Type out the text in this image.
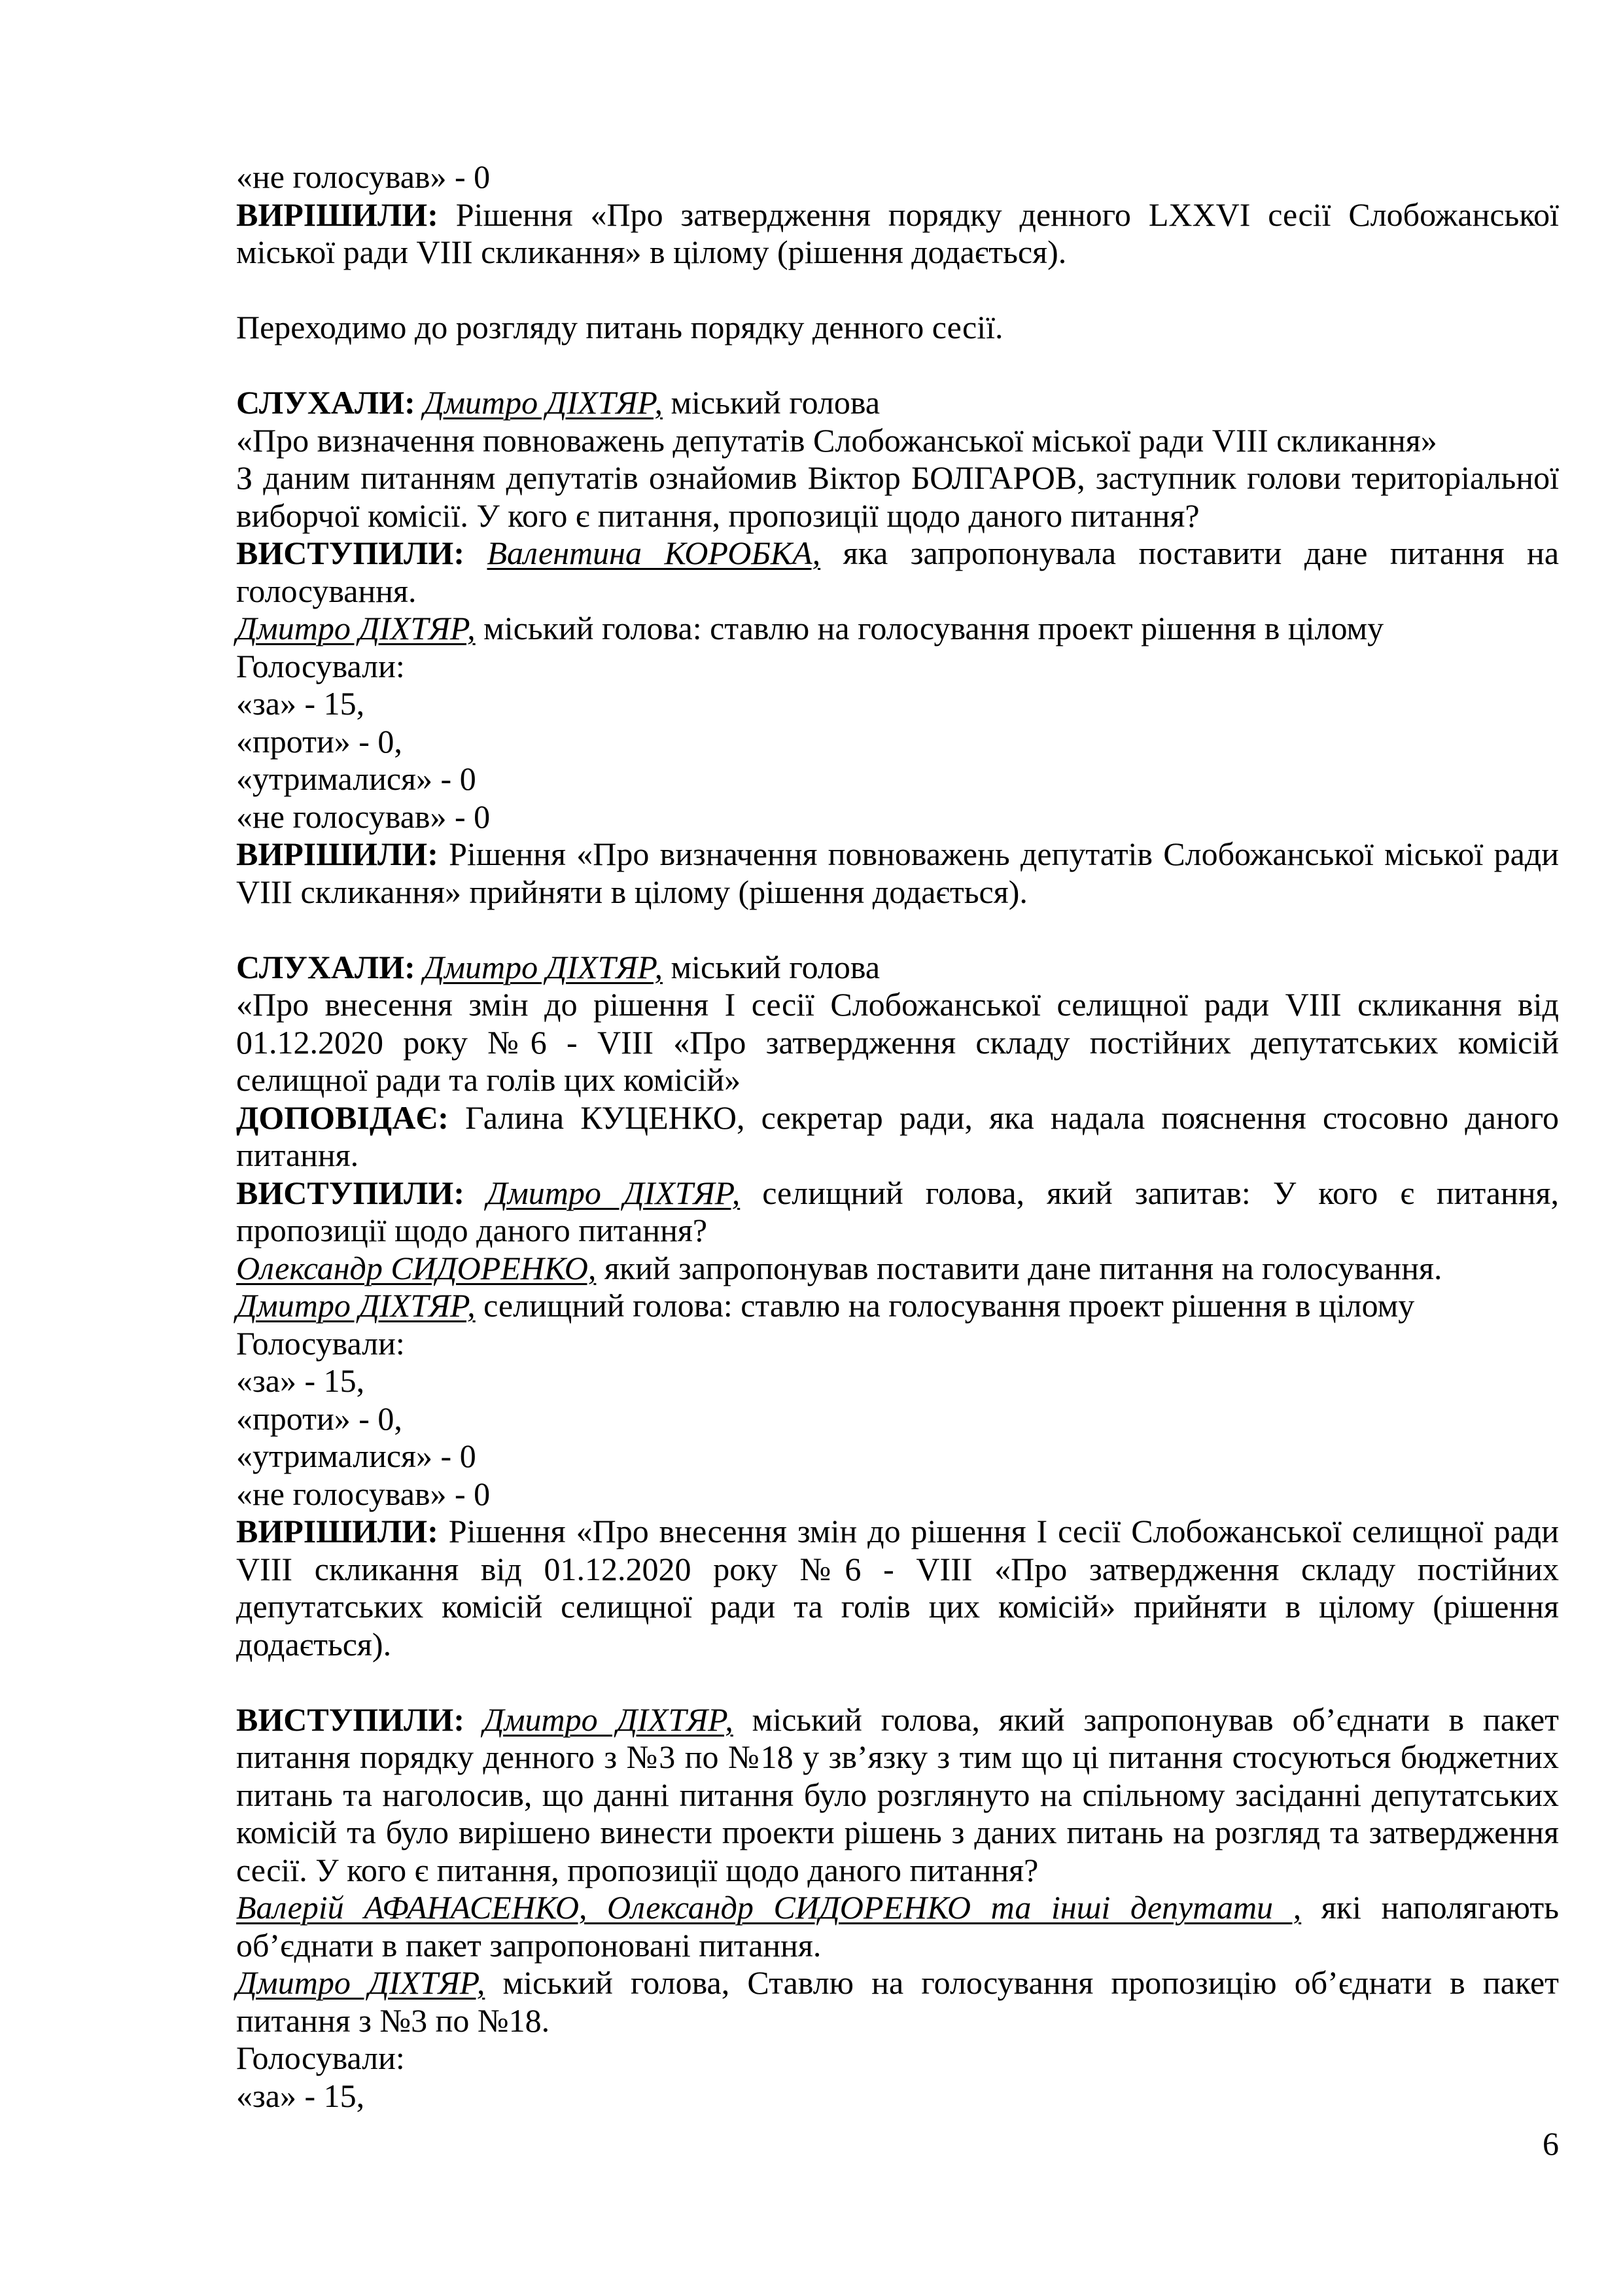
«не голосував» - 0
ВИРІШИЛИ: Рішення «Про затвердження порядку денного LXXVI сесії Слобожанської
міської ради VIII скликання» в цілому (рішення додається).
Переходимо до розгляду питань порядку денного сесії.
СЛУХАЛИ: Дмитро ДІХТЯР, міський голова
«Про визначення повноважень депутатів Слобожанської міської ради VIII скликання»
З даним питанням депутатів ознайомив Віктор БОЛГАРОВ, заступник голови територіальної
виборчої комісії. У кого є питання, пропозиції щодо даного питання?
ВИСТУПИЛИ: Валентина КОРОБКА, яка запропонувала поставити дане питання на
голосування.
Дмитро ДІХТЯР, міський голова: ставлю на голосування проект рішення в цілому
Голосували:
«за» - 15,
«проти» - 0,
«утрималися» - 0
«не голосував» - 0
ВИРІШИЛИ: Рішення «Про визначення повноважень депутатів Слобожанської міської ради
VIII скликання» прийняти в цілому (рішення додається).
СЛУХАЛИ: Дмитро ДІХТЯР, міський голова
«Про внесення змін до рішення І сесії Слобожанської селищної ради VIII скликання від
01.12.2020 року №6 - VIII «Про затвердження складу постійних депутатських комісій
селищної ради та голів цих комісій»
ДОПОВІДАЄ: Галина КУЦЕНКО, секретар ради, яка надала пояснення стосовно даного
питання.
ВИСТУПИЛИ: Дмитро ДІХТЯР, селищний голова, який запитав: У кого є питання,
пропозиції щодо даного питання?
Олександр СИДОРЕНКО, який запропонував поставити дане питання на голосування.
Дмитро ДІХТЯР, селищний голова: ставлю на голосування проект рішення в цілому
Голосували:
«за» - 15,
«проти» - 0,
«утрималися» - 0
«не голосував» - 0
ВИРІШИЛИ: Рішення «Про внесення змін до рішення І сесії Слобожанської селищної ради
VIII скликання від 01.12.2020 року №6 - VIII «Про затвердження складу постійних
депутатських комісій селищної ради та голів цих комісій» прийняти в цілому (рішення
додається).
ВИСТУПИЛИ: Дмитро ДІХТЯР, міський голова, який запропонував об’єднати в пакет
питання порядку денного з №3 по №18 у зв’язку з тим що ці питання стосуються бюджетних
питань та наголосив, що данні питання було розглянуто на спільному засіданні депутатських
комісій та було вирішено винести проекти рішень з даних питань на розгляд та затвердження
сесії. У кого є питання, пропозиції щодо даного питання?
Валерій АФАНАСЕНКО, Олександр СИДОРЕНКО та інші депутати , які наполягають
об’єднати в пакет запропоновані питання.
Дмитро ДІХТЯР, міський голова, Ставлю на голосування пропозицію об’єднати в пакет
питання з №3 по №18.
Голосували:
«за» - 15,
6
